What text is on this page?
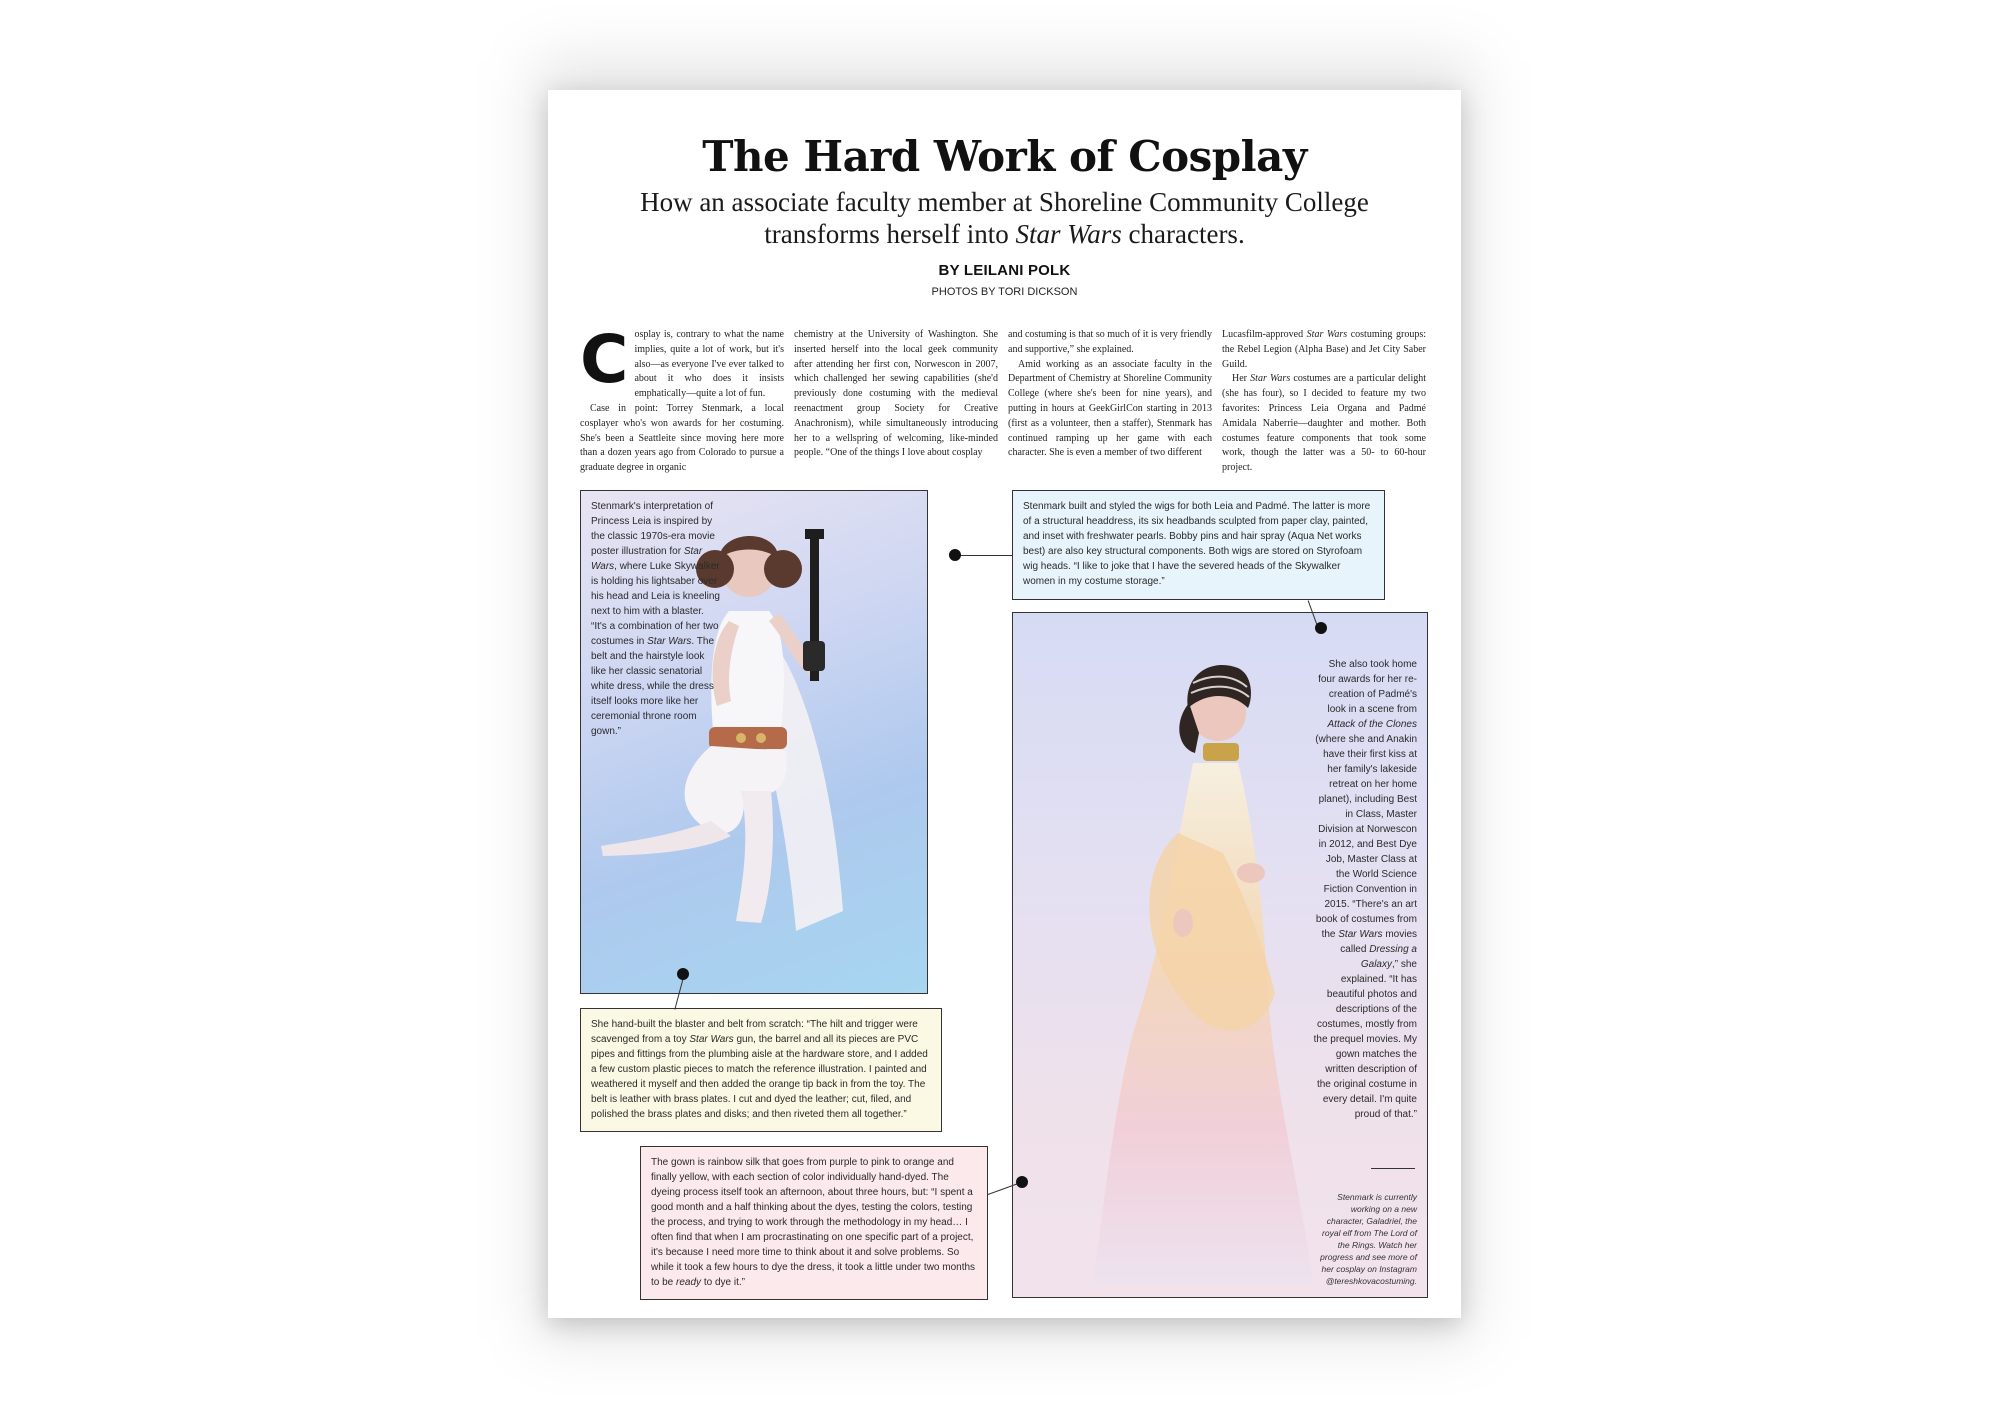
The Hard Work of Cosplay
How an associate faculty member at Shoreline Community College
transforms herself into Star Wars characters.
BY LEILANI POLK
PHOTOS BY TORI DICKSON

Cosplay is, contrary to what the name implies, quite a lot of work, but it's also—as everyone I've ever talked to about it who does it insists emphatically—quite a lot of fun.

Case in point: Torrey Stenmark, a local cosplayer who's won awards for her costuming. She's been a Seattleite since moving here more than a dozen years ago from Colorado to pursue a graduate degree in organic

chemistry at the University of Washington. She inserted herself into the local geek community after attending her first con, Norwescon in 2007, which challenged her sewing capabilities (she'd previously done costuming with the medieval reenactment group Society for Creative Anachronism), while simultaneously introducing her to a wellspring of welcoming, like-minded people. “One of the things I love about cosplay

and costuming is that so much of it is very friendly and supportive,” she explained.

Amid working as an associate faculty in the Department of Chemistry at Shoreline Community College (where she's been for nine years), and putting in hours at GeekGirlCon starting in 2013 (first as a volunteer, then a staffer), Stenmark has continued ramping up her game with each character. She is even a member of two different

Lucasfilm-approved Star Wars costuming groups: the Rebel Legion (Alpha Base) and Jet City Saber Guild.

Her Star Wars costumes are a particular delight (she has four), so I decided to feature my two favorites: Princess Leia Organa and Padmé Amidala Naberrie—daughter and mother. Both costumes feature components that took some work, though the latter was a 50- to 60-hour project.

Stenmark's interpretation of Princess Leia is inspired by the classic 1970s-era movie poster illustration for Star Wars, where Luke Skywalker is holding his lightsaber over his head and Leia is kneeling next to him with a blaster. “It's a combination of her two costumes in Star Wars. The belt and the hairstyle look like her classic senatorial white dress, while the dress itself looks more like her ceremonial throne room gown.”
She also took home four awards for her re-creation of Padmé's look in a scene from Attack of the Clones (where she and Anakin have their first kiss at her family's lakeside retreat on her home planet), including Best in Class, Master Division at Norwescon in 2012, and Best Dye Job, Master Class at the World Science Fiction Convention in 2015. “There's an art book of costumes from the Star Wars movies called Dressing a Galaxy,” she explained. “It has beautiful photos and descriptions of the costumes, mostly from the prequel movies. My gown matches the written description of the original costume in every detail. I'm quite proud of that.”
Stenmark is currently working on a new character, Galadriel, the royal elf from The Lord of the Rings. Watch her progress and see more of her cosplay on Instagram @tereshkovacostuming.
Stenmark built and styled the wigs for both Leia and Padmé. The latter is more of a structural headdress, its six headbands sculpted from paper clay, painted, and inset with freshwater pearls. Bobby pins and hair spray (Aqua Net works best) are also key structural components. Both wigs are stored on Styrofoam wig heads. “I like to joke that I have the severed heads of the Skywalker women in my costume storage.”
She hand-built the blaster and belt from scratch: “The hilt and trigger were scavenged from a toy Star Wars gun, the barrel and all its pieces are PVC pipes and fittings from the plumbing aisle at the hardware store, and I added a few custom plastic pieces to match the reference illustration. I painted and weathered it myself and then added the orange tip back in from the toy. The belt is leather with brass plates. I cut and dyed the leather; cut, filed, and polished the brass plates and disks; and then riveted them all together.”
The gown is rainbow silk that goes from purple to pink to orange and finally yellow, with each section of color individually hand-dyed. The dyeing process itself took an afternoon, about three hours, but: “I spent a good month and a half thinking about the dyes, testing the colors, testing the process, and trying to work through the methodology in my head… I often find that when I am procrastinating on one specific part of a project, it's because I need more time to think about it and solve problems. So while it took a few hours to dye the dress, it took a little under two months to be ready to dye it.”
